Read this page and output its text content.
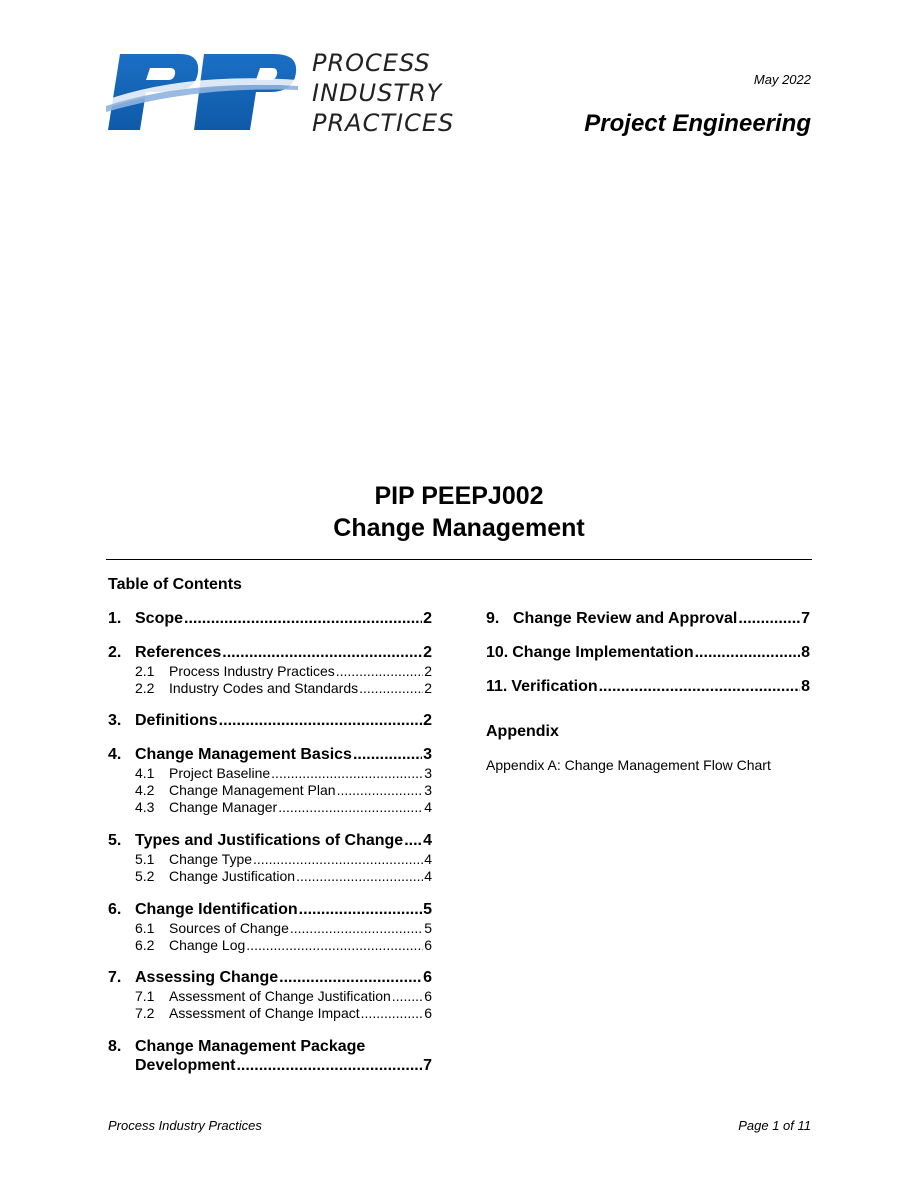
PROCESS
INDUSTRY
PRACTICES
May 2022
Project Engineering
PIP PEEPJ002
Change Management
Table of Contents
1. Scope .....	2
2. References .....	2
2.1	Process Industry Practices .....	2
2.2	Industry Codes and Standards .....	2
3. Definitions .....	2
4. Change Management Basics .....	3
4.1	Project Baseline .....	3
4.2	Change Management Plan .....	3
4.3	Change Manager .....	4
5. Types and Justifications of Change ..... 4
5.1	Change Type .....	4
5.2	Change Justification .....	4
6. Change Identification .....	5
6.1	Sources of Change .....	5
6.2	Change Log .....	6
7. Assessing Change .....	6
7.1	Assessment of Change Justification ..... 6
7.2	Assessment of Change Impact .....	6
8. Change Management Package
Development .....	7
9. Change Review and Approval .....	7
10. Change Implementation .....	8
11. Verification .....	8
Appendix
Appendix A: Change Management Flow Chart
Process Industry Practices	Page 1 of 11
